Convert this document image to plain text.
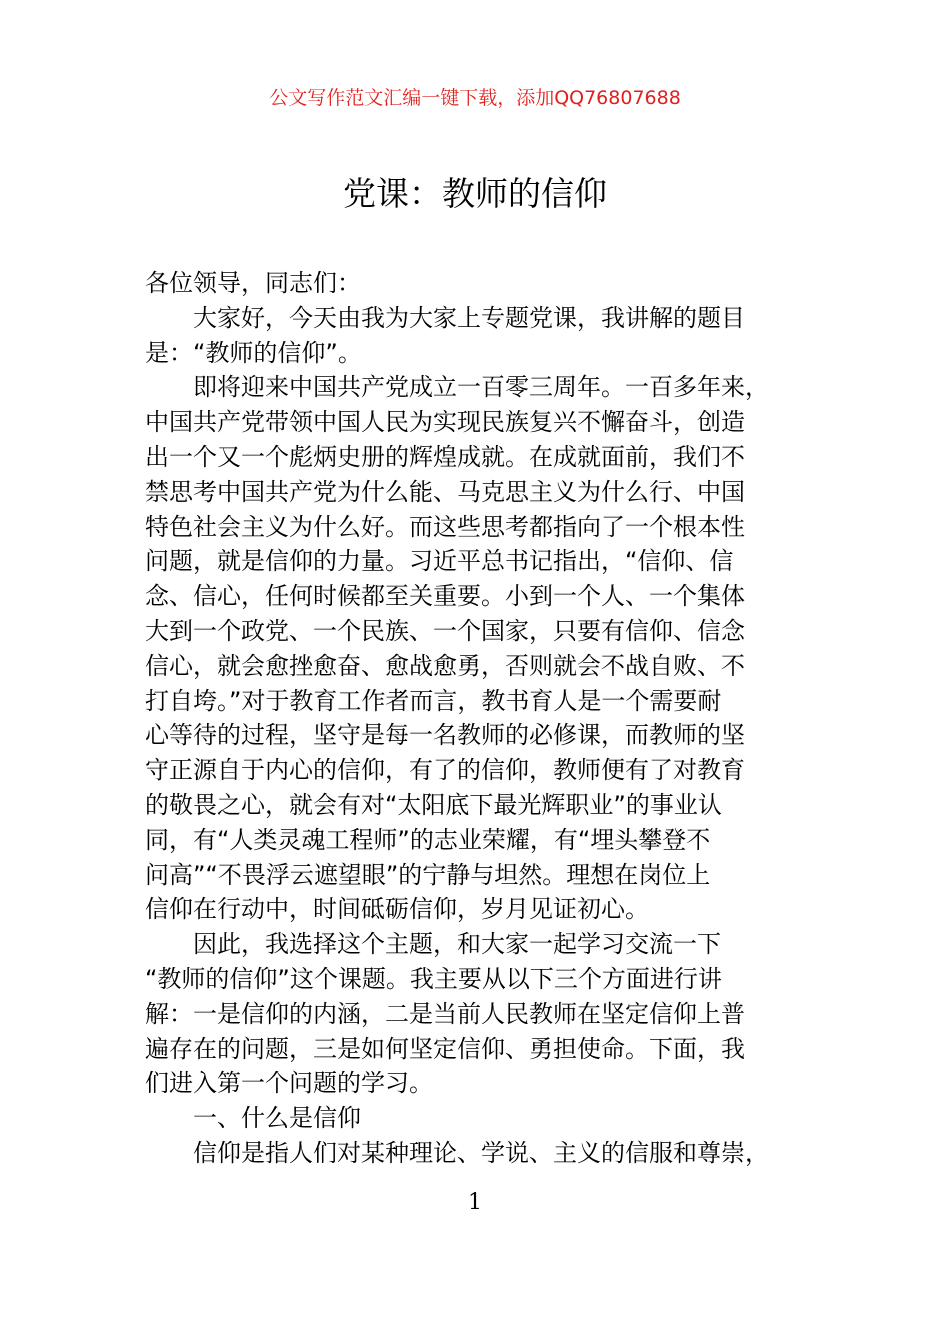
公文写作范文汇编一键下载，添加QQ76807688
党课：教师的信仰
各位领导，同志们：
大家好，今天由我为大家上专题党课，我讲解的题目
是：“教师的信仰”。
即将迎来中国共产党成立一百零三周年。一百多年来，
中国共产党带领中国人民为实现民族复兴不懈奋斗，创造
出一个又一个彪炳史册的辉煌成就。在成就面前，我们不
禁思考中国共产党为什么能、马克思主义为什么行、中国
特色社会主义为什么好。而这些思考都指向了一个根本性
问题，就是信仰的力量。习近平总书记指出，“信仰、信
念、信心，任何时候都至关重要。小到一个人、一个集体
大到一个政党、一个民族、一个国家，只要有信仰、信念
信心，就会愈挫愈奋、愈战愈勇，否则就会不战自败、不
打自垮。”对于教育工作者而言，教书育人是一个需要耐
心等待的过程，坚守是每一名教师的必修课，而教师的坚
守正源自于内心的信仰，有了的信仰，教师便有了对教育
的敬畏之心，就会有对“太阳底下最光辉职业”的事业认
同，有“人类灵魂工程师”的志业荣耀，有“埋头攀登不
问高”“不畏浮云遮望眼”的宁静与坦然。理想在岗位上
信仰在行动中，时间砥砺信仰，岁月见证初心。
因此，我选择这个主题，和大家一起学习交流一下
“教师的信仰”这个课题。我主要从以下三个方面进行讲
解：一是信仰的内涵，二是当前人民教师在坚定信仰上普
遍存在的问题，三是如何坚定信仰、勇担使命。下面，我
们进入第一个问题的学习。
一、什么是信仰
信仰是指人们对某种理论、学说、主义的信服和尊崇，
1
